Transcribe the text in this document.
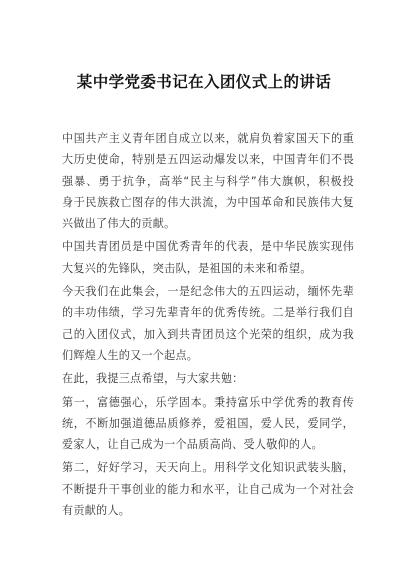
某中学党委书记在入团仪式上的讲话
中国共产主义青年团自成立以来，就肩负着家国天下的重
大历史使命，特别是五四运动爆发以来，中国青年们不畏
强暴、勇于抗争，高举“民主与科学”伟大旗帜，积极投
身于民族救亡图存的伟大洪流，为中国革命和民族伟大复
兴做出了伟大的贡献。
中国共青团员是中国优秀青年的代表，是中华民族实现伟
大复兴的先锋队，突击队，是祖国的未来和希望。
今天我们在此集会，一是纪念伟大的五四运动，缅怀先辈
的丰功伟绩，学习先辈青年的优秀传统。二是举行我们自
己的入团仪式，加入到共青团员这个光荣的组织，成为我
们辉煌人生的又一个起点。
在此，我提三点希望，与大家共勉：
第一，富德强心，乐学固本。秉持富乐中学优秀的教育传
统，不断加强道德品质修养，爱祖国，爱人民，爱同学，
爱家人，让自己成为一个品质高尚、受人敬仰的人。
第二，好好学习，天天向上。用科学文化知识武装头脑，
不断提升干事创业的能力和水平，让自己成为一个对社会
有贡献的人。
